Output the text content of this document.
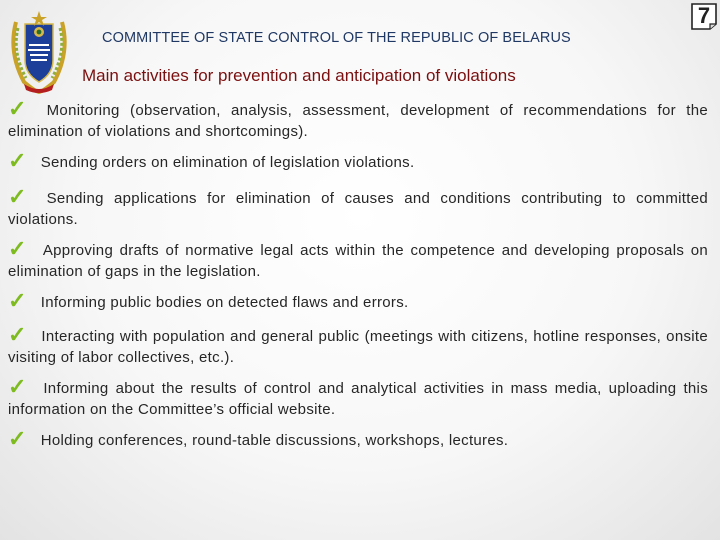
COMMITTEE OF STATE CONTROL OF THE REPUBLIC OF BELARUS
7
Main activities for prevention and anticipation of violations
✓ Monitoring (observation, analysis, assessment, development of recommendations for the elimination of violations and shortcomings).
✓ Sending orders on elimination of legislation violations.
✓ Sending applications for elimination of causes and conditions contributing to committed violations.
✓ Approving drafts of normative legal acts within the competence and developing proposals on elimination of gaps in the legislation.
✓ Informing public bodies on detected flaws and errors.
✓ Interacting with population and general public (meetings with citizens, hotline responses, onsite visiting of labor collectives, etc.).
✓ Informing about the results of control and analytical activities in mass media, uploading this information on the Committee’s official website.
✓ Holding conferences, round-table discussions, workshops, lectures.
